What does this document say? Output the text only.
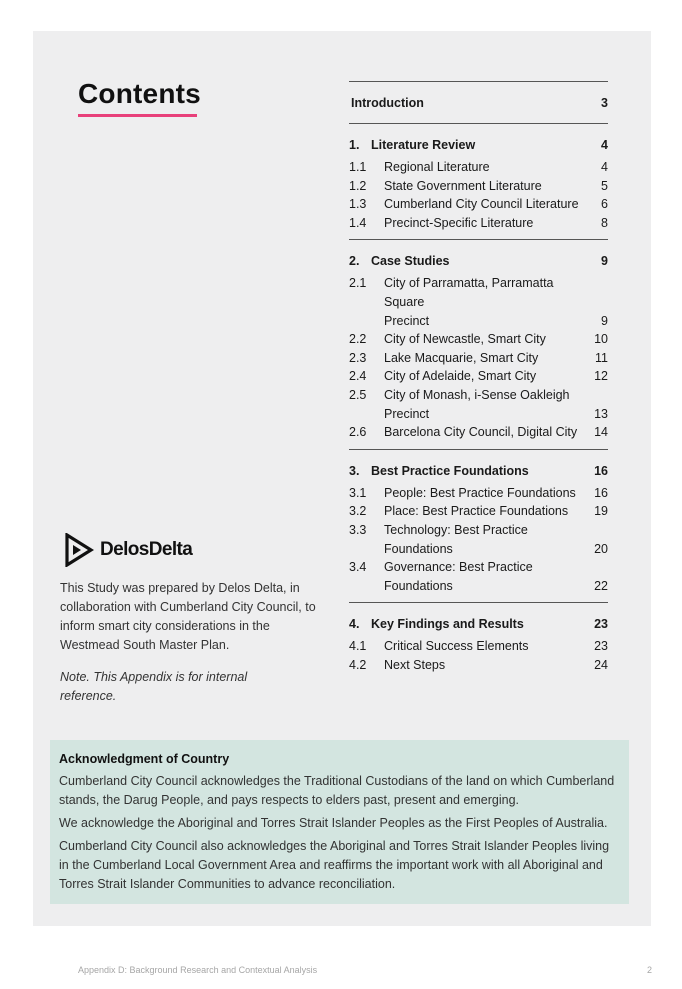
Contents	Introduction	3
1. Literature Review	4
1.1	Regional Literature	4
1.2	State Government Literature	5
1.3	Cumberland City Council Literature	6
1.4	Precinct-Specific Literature	8
2. Case Studies	9
2.1	City of Parramatta, Parramatta Square
Precinct	9
2.2	City of Newcastle, Smart City	10
2.3	Lake Macquarie, Smart City	11
2.4	City of Adelaide, Smart City	12
2.5	City of Monash, i-Sense Oakleigh
Precinct	13
2.6	Barcelona City Council, Digital City	14
3. Best Practice Foundations	16
3.1	People: Best Practice Foundations	16
3.2	Place: Best Practice Foundations	19
3.3	Technology: Best Practice
Foundations	20
3.4	Governance: Best Practice
Foundations	22
4. Key Findings and Results	23
4.1	Critical Success Elements	23
4.2	Next Steps	24
DelosDelta
This Study was prepared by Delos Delta, in collaboration with Cumberland City Council, to inform smart city considerations in the Westmead South Master Plan.
Note. This Appendix is for internal reference.
Acknowledgment of Country

Cumberland City Council acknowledges the Traditional Custodians of the land on which Cumberland stands, the Darug People, and pays respects to elders past, present and emerging.

We acknowledge the Aboriginal and Torres Strait Islander Peoples as the First Peoples of Australia.

Cumberland City Council also acknowledges the Aboriginal and Torres Strait Islander Peoples living in the Cumberland Local Government Area and reaffirms the important work with all Aboriginal and Torres Strait Islander Communities to advance reconciliation.

Appendix D: Background Research and Contextual Analysis	2
